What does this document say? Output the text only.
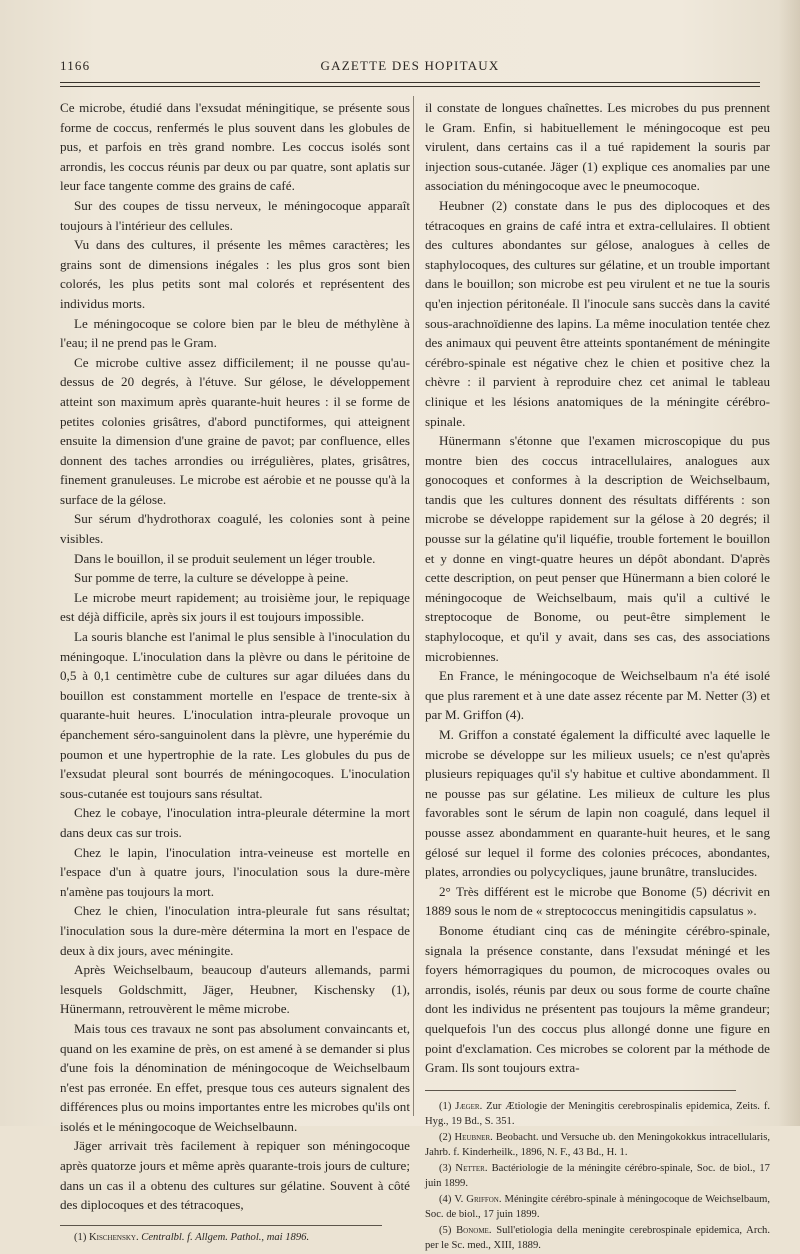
1166	GAZETTE DES HOPITAUX

Ce microbe, étudié dans l'exsudat méningitique, se présente sous forme de coccus, renfermés le plus souvent dans les globules de pus, et parfois en très grand nombre. Les coccus isolés sont arrondis, les coccus réunis par deux ou par quatre, sont aplatis sur leur face tangente comme des grains de café.

Sur des coupes de tissu nerveux, le méningocoque apparaît toujours à l'intérieur des cellules.

Vu dans des cultures, il présente les mêmes caractères; les grains sont de dimensions inégales : les plus gros sont bien colorés, les plus petits sont mal colorés et représentent des individus morts.

Le méningocoque se colore bien par le bleu de méthylène à l'eau; il ne prend pas le Gram.

Ce microbe cultive assez difficilement; il ne pousse qu'au-dessus de 20 degrés, à l'étuve. Sur gélose, le développement atteint son maximum après quarante-huit heures : il se forme de petites colonies grisâtres, d'abord punctiformes, qui atteignent ensuite la dimension d'une graine de pavot; par confluence, elles donnent des taches arrondies ou irrégulières, plates, grisâtres, finement granuleuses. Le microbe est aérobie et ne pousse qu'à la surface de la gélose.

Sur sérum d'hydrothorax coagulé, les colonies sont à peine visibles.

Dans le bouillon, il se produit seulement un léger trouble.

Sur pomme de terre, la culture se développe à peine.

Le microbe meurt rapidement; au troisième jour, le repiquage est déjà difficile, après six jours il est toujours impossible.

La souris blanche est l'animal le plus sensible à l'inoculation du méningoque. L'inoculation dans la plèvre ou dans le péritoine de 0,5 à 0,1 centimètre cube de cultures sur agar diluées dans du bouillon est constamment mortelle en l'espace de trente-six à quarante-huit heures. L'inoculation intra-pleurale provoque un épanchement séro-sanguinolent dans la plèvre, une hyperémie du poumon et une hypertrophie de la rate. Les globules du pus de l'exsudat pleural sont bourrés de méningocoques. L'inoculation sous-cutanée est toujours sans résultat.

Chez le cobaye, l'inoculation intra-pleurale détermine la mort dans deux cas sur trois.

Chez le lapin, l'inoculation intra-veineuse est mortelle en l'espace d'un à quatre jours, l'inoculation sous la dure-mère n'amène pas toujours la mort.

Chez le chien, l'inoculation intra-pleurale fut sans résultat; l'inoculation sous la dure-mère détermina la mort en l'espace de deux à dix jours, avec méningite.

Après Weichselbaum, beaucoup d'auteurs allemands, parmi lesquels Goldschmitt, Jäger, Heubner, Kischensky (1), Hünermann, retrouvèrent le même microbe.

Mais tous ces travaux ne sont pas absolument convaincants et, quand on les examine de près, on est amené à se demander si plus d'une fois la dénomination de méningocoque de Weichselbaum n'est pas erronée. En effet, presque tous ces auteurs signalent des différences plus ou moins importantes entre les microbes qu'ils ont isolés et le méningocoque de Weichselbaunn.

Jäger arrivait très facilement à repiquer son méningocoque après quatorze jours et même après quarante-trois jours de culture; dans un cas il a obtenu des cultures sur gélatine. Souvent à côté des diplocoques et des tétracoques,

(1) Kischensky. Centralbl. f. Allgem. Pathol., mai 1896.

il constate de longues chaînettes. Les microbes du pus prennent le Gram. Enfin, si habituellement le méningocoque est peu virulent, dans certains cas il a tué rapidement la souris par injection sous-cutanée. Jäger (1) explique ces anomalies par une association du méningocoque avec le pneumocoque.

Heubner (2) constate dans le pus des diplocoques et des tétracoques en grains de café intra et extra-cellulaires. Il obtient des cultures abondantes sur gélose, analogues à celles de staphylocoques, des cultures sur gélatine, et un trouble important dans le bouillon; son microbe est peu virulent et ne tue la souris qu'en injection péritonéale. Il l'inocule sans succès dans la cavité sous-arachnoïdienne des lapins. La même inoculation tentée chez des animaux qui peuvent être atteints spontanément de méningite cérébro-spinale est négative chez le chien et positive chez la chèvre : il parvient à reproduire chez cet animal le tableau clinique et les lésions anatomiques de la méningite cérébro-spinale.

Hünermann s'étonne que l'examen microscopique du pus montre bien des coccus intracellulaires, analogues aux gonocoques et conformes à la description de Weichselbaum, tandis que les cultures donnent des résultats différents : son microbe se développe rapidement sur la gélose à 20 degrés; il pousse sur la gélatine qu'il liquéfie, trouble fortement le bouillon et y donne en vingt-quatre heures un dépôt abondant. D'après cette description, on peut penser que Hünermann a bien coloré le méningocoque de Weichselbaum, mais qu'il a cultivé le streptocoque de Bonome, ou peut-être simplement le staphylocoque, et qu'il y avait, dans ses cas, des associations microbiennes.

En France, le méningocoque de Weichselbaum n'a été isolé que plus rarement et à une date assez récente par M. Netter (3) et par M. Griffon (4).

M. Griffon a constaté également la difficulté avec laquelle le microbe se développe sur les milieux usuels; ce n'est qu'après plusieurs repiquages qu'il s'y habitue et cultive abondamment. Il ne pousse pas sur gélatine. Les milieux de culture les plus favorables sont le sérum de lapin non coagulé, dans lequel il pousse assez abondamment en quarante-huit heures, et le sang gélosé sur lequel il forme des colonies précoces, abondantes, plates, arrondies ou polycycliques, jaune brunâtre, translucides.

2° Très différent est le microbe que Bonome (5) décrivit en 1889 sous le nom de « streptococcus meningitidis capsulatus ».

Bonome étudiant cinq cas de méningite cérébro-spinale, signala la présence constante, dans l'exsudat méningé et les foyers hémorragiques du poumon, de microcoques ovales ou arrondis, isolés, réunis par deux ou sous forme de courte chaîne dont les individus ne présentent pas toujours la même grandeur; quelquefois l'un des coccus plus allongé donne une figure en point d'exclamation. Ces microbes se colorent par la méthode de Gram. Ils sont toujours extra-

(1) Jæger. Zur Ætiologie der Meningitis cerebrospinalis epidemica, Zeits. f. Hyg., 19 Bd., S. 351.

(2) Heubner. Beobacht. und Versuche ub. den Meningokokkus intracellularis, Jahrb. f. Kinderheilk., 1896, N. F., 43 Bd., H. 1.

(3) Netter. Bactériologie de la méningite cérébro-spinale, Soc. de biol., 17 juin 1899.

(4) V. Griffon. Méningite cérébro-spinale à méningocoque de Weichselbaum, Soc. de biol., 17 juin 1899.

(5) Bonome. Sull'etiologia della meningite cerebrospinale epidemica, Arch. per le Sc. med., XIII, 1889.
